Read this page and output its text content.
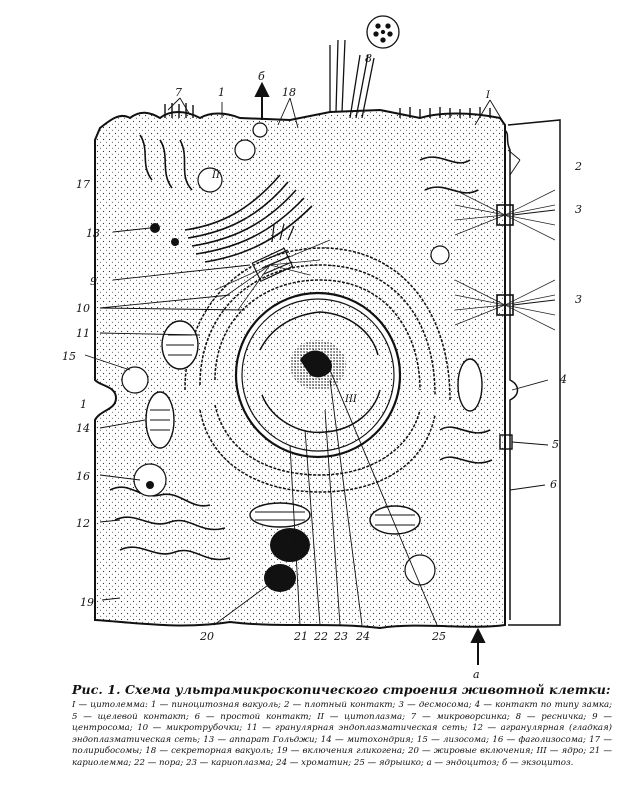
1
1
2
3
3
4
5
6
7
8
9
10
11
12
13
14
15
16
17
18
19
20	21 22 23 24	25
I
II
III
а
б
Рис. 1. Схема ультрамикроскопического строения животной клетки:
I — цитолемма: 1 — пиноцитозная вакуоль; 2 — плотный контакт; 3 — десмосома; 4 — контакт по типу замка; 5 — щелевой контакт; 6 — простой контакт; II — цитоплазма; 7 — микроворсинка; 8 — ресничка; 9 — центросома; 10 — микротрубочки; 11 — гранулярная эндоплазматическая сеть; 12 — агранулярная (гладкая) эндоплазматическая сеть; 13 — аппарат Гольджи; 14 — митохондрия; 15 — лизосома; 16 — фаголизосома; 17 — полирибосомы; 18 — секреторная вакуоль; 19 — включения гликогена; 20 — жировые включения; III — ядро; 21 — кариолемма; 22 — пора; 23 — кариоплазма; 24 — хроматин; 25 — ядрышко; а — эндоцитоз; б — экзоцитоз.
